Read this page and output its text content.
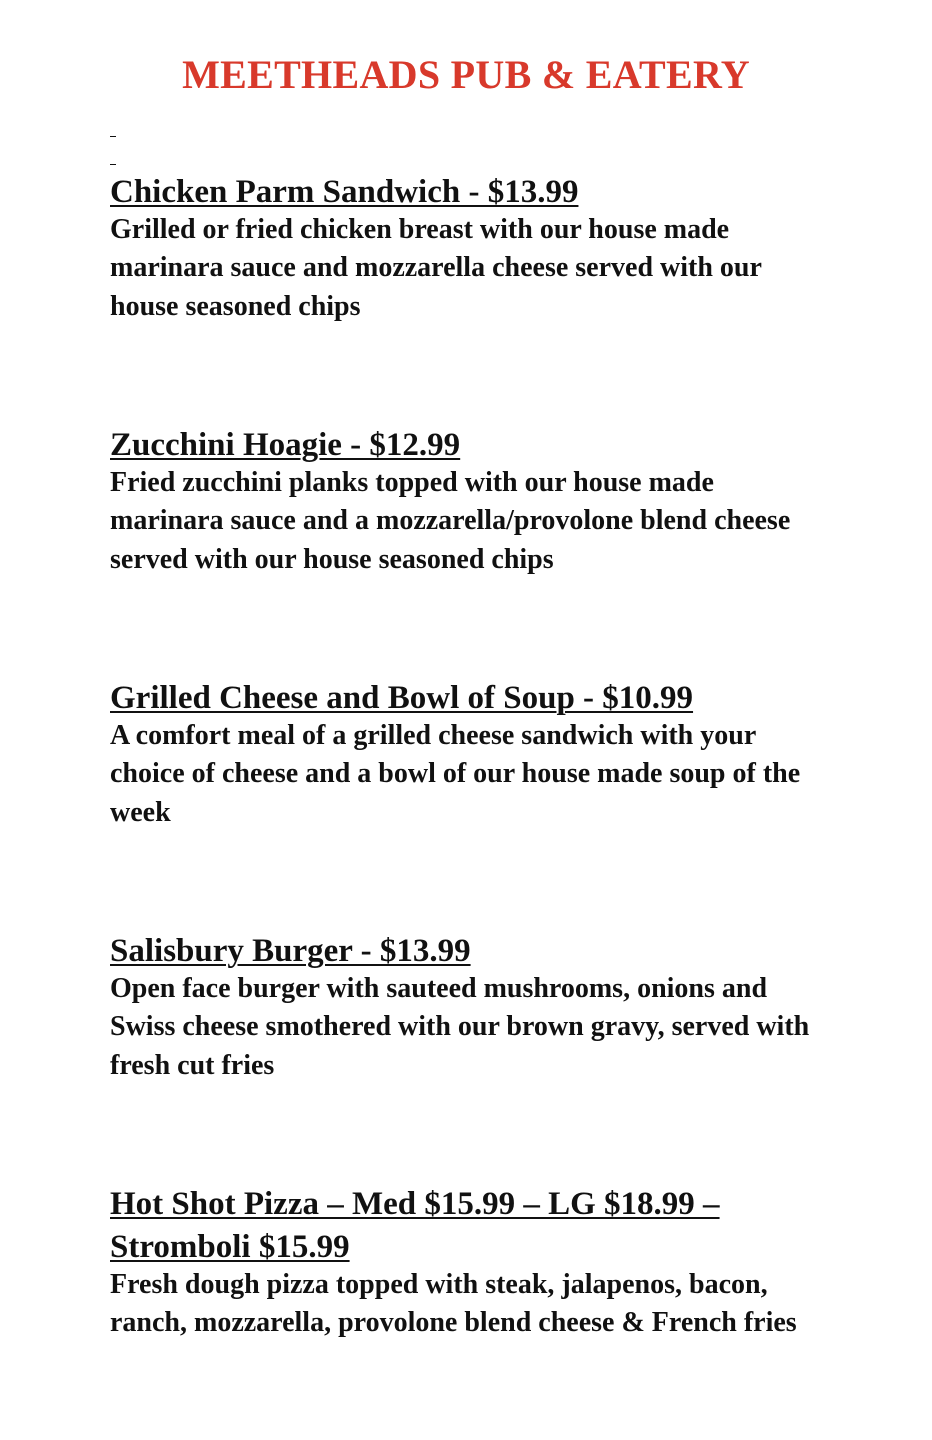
MEETHEADS PUB & EATERY

Chicken Parm Sandwich - $13.99

Grilled or fried chicken breast with our house made marinara sauce and mozzarella cheese served with our house seasoned chips

Zucchini Hoagie - $12.99

Fried zucchini planks topped with our house made marinara sauce and a mozzarella/provolone blend cheese served with our house seasoned chips

Grilled Cheese and Bowl of Soup - $10.99

A comfort meal of a grilled cheese sandwich with your choice of cheese and a bowl of our house made soup of the week

Salisbury Burger - $13.99

Open face burger with sauteed mushrooms, onions and Swiss cheese smothered with our brown gravy, served with fresh cut fries

Hot Shot Pizza – Med $15.99 – LG $18.99 – Stromboli $15.99

Fresh dough pizza topped with steak, jalapenos, bacon, ranch, mozzarella, provolone blend cheese & French fries
